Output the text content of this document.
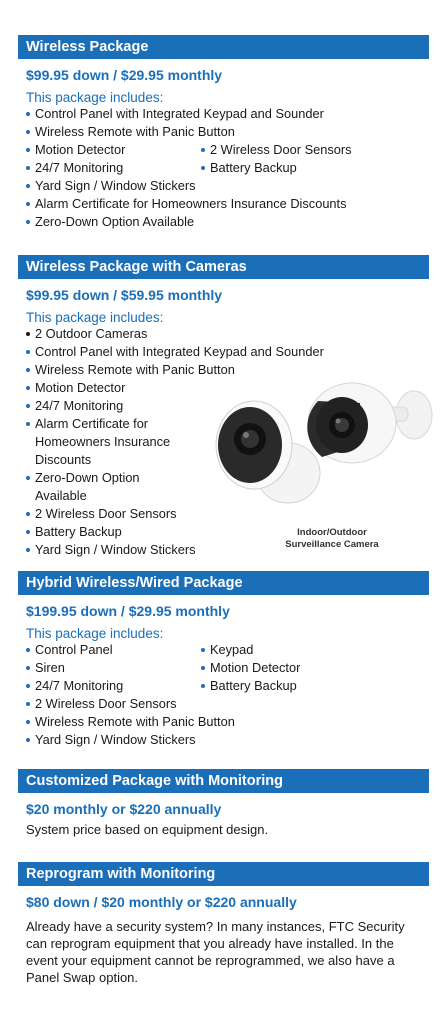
Wireless Package
$99.95 down / $29.95 monthly
This package includes:
Control Panel with Integrated Keypad and Sounder
Wireless Remote with Panic Button
Motion Detector	2 Wireless Door Sensors
24/7 Monitoring	Battery Backup
Yard Sign / Window Stickers
Alarm Certificate for Homeowners Insurance Discounts
Zero-Down Option Available
Wireless Package with Cameras
$99.95 down / $59.95 monthly
This package includes:
2 Outdoor Cameras
Control Panel with Integrated Keypad and Sounder
Wireless Remote with Panic Button
Motion Detector
24/7 Monitoring
Alarm Certificate for Homeowners Insurance Discounts
Zero-Down Option Available
2 Wireless Door Sensors
Battery Backup
Yard Sign / Window Stickers
Indoor/Outdoor
Surveillance Camera
Hybrid Wireless/Wired Package
$199.95 down / $29.95 monthly
This package includes:
Control Panel	Keypad
Siren	Motion Detector
24/7 Monitoring	Battery Backup
2 Wireless Door Sensors
Wireless Remote with Panic Button
Yard Sign / Window Stickers
Customized Package with Monitoring
$20 monthly or $220 annually
System price based on equipment design.
Reprogram with Monitoring
$80 down / $20 monthly or $220 annually
Already have a security system? In many instances, FTC Security can reprogram equipment that you already have installed. In the event your equipment cannot be reprogrammed, we also have a Panel Swap option.
